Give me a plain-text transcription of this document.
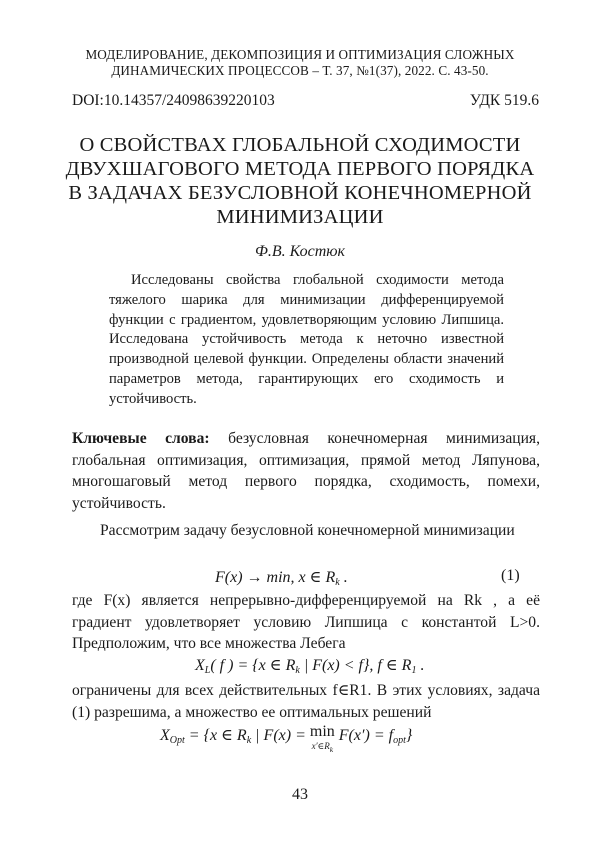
МОДЕЛИРОВАНИЕ, ДЕКОМПОЗИЦИЯ И ОПТИМИЗАЦИЯ СЛОЖНЫХ
ДИНАМИЧЕСКИХ ПРОЦЕССОВ – Т. 37, №1(37), 2022. С. 43-50.
DOI:10.14357/24098639220103	УДК 519.6
О СВОЙСТВАХ ГЛОБАЛЬНОЙ СХОДИМОСТИ
ДВУХШАГОВОГО МЕТОДА ПЕРВОГО ПОРЯДКА
В ЗАДАЧАХ БЕЗУСЛОВНОЙ КОНЕЧНОМЕРНОЙ
МИНИМИЗАЦИИ
Ф.В. Костюк

Исследованы свойства глобальной сходимости метода тяжелого шарика для минимизации дифференцируемой функции с градиентом, удовлетворяющим условию Липшица. Исследована устойчивость метода к неточно известной производной целевой функции. Определены области значений параметров метода, гарантирующих его сходимость и устойчивость.

Ключевые слова: безусловная конечномерная минимизация, глобальная оптимизация, оптимизация, прямой метод Ляпунова, многошаговый метод первого порядка, сходимость, помехи, устойчивость.

Рассмотрим задачу безусловной конечномерной минимизации

F(x) → min, x ∈ $R_k$ .	(1)

где F(x) является непрерывно-дифференцируемой на Rk , а её градиент удовлетворяет условию Липшица с константой L>0. Предположим, что все множества Лебега

$X_L$( f ) = {x ∈ $R_k$ | F(x) < f}, f ∈ $R_1$ .

ограничены для всех действительных f∈R1. В этих условиях, задача (1) разрешима, а множество ее оптимальных решений

$X_{Opt} = \{x$ ∈ $R_k$ | F(x) = min
$x'\in R_k$
$F(x') = f_{opt}$}
43
